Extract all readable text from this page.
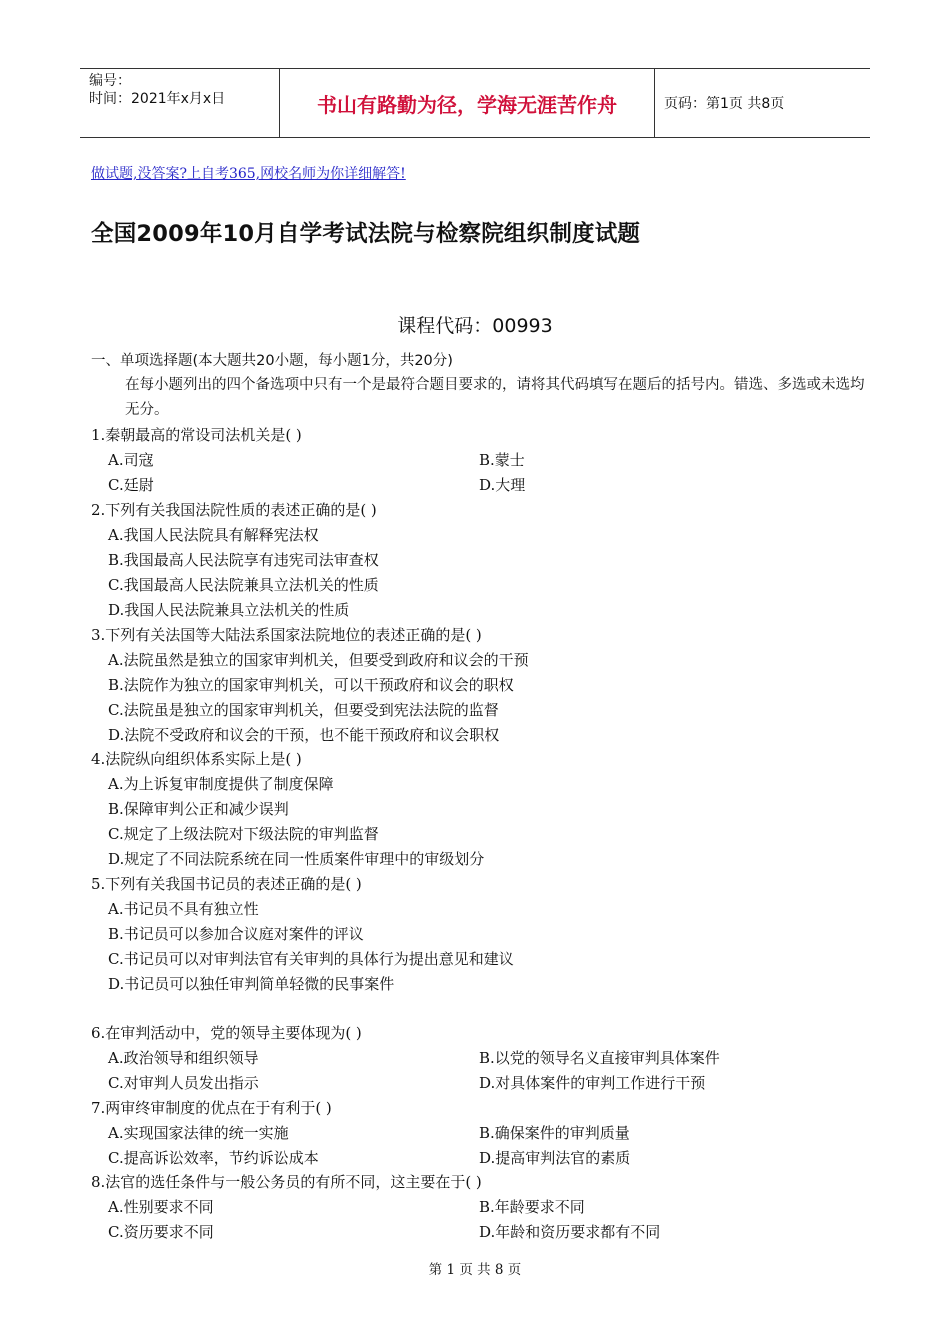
编号：
时间：2021年x月x日	书山有路勤为径，学海无涯苦作舟	页码：第1页 共8页
做试题,没答案?上自考365,网校名师为你详细解答!
全国2009年10月自学考试法院与检察院组织制度试题
课程代码：00993
一、单项选择题(本大题共20小题，每小题1分，共20分)
在每小题列出的四个备选项中只有一个是最符合题目要求的，请将其代码填写在题后的括号内。错选、多选或未选均无分。
1.秦朝最高的常设司法机关是( )
A.司寇	B.蒙士
C.廷尉	D.大理
2.下列有关我国法院性质的表述正确的是( )
A.我国人民法院具有解释宪法权
B.我国最高人民法院享有违宪司法审查权
C.我国最高人民法院兼具立法机关的性质
D.我国人民法院兼具立法机关的性质
3.下列有关法国等大陆法系国家法院地位的表述正确的是( )
A.法院虽然是独立的国家审判机关，但要受到政府和议会的干预
B.法院作为独立的国家审判机关，可以干预政府和议会的职权
C.法院虽是独立的国家审判机关，但要受到宪法法院的监督
D.法院不受政府和议会的干预，也不能干预政府和议会职权
4.法院纵向组织体系实际上是( )
A.为上诉复审制度提供了制度保障
B.保障审判公正和减少误判
C.规定了上级法院对下级法院的审判监督
D.规定了不同法院系统在同一性质案件审理中的审级划分
5.下列有关我国书记员的表述正确的是( )
A.书记员不具有独立性
B.书记员可以参加合议庭对案件的评议
C.书记员可以对审判法官有关审判的具体行为提出意见和建议
D.书记员可以独任审判简单轻微的民事案件
6.在审判活动中，党的领导主要体现为( )
A.政治领导和组织领导	B.以党的领导名义直接审判具体案件
C.对审判人员发出指示	D.对具体案件的审判工作进行干预
7.两审终审制度的优点在于有利于( )
A.实现国家法律的统一实施	B.确保案件的审判质量
C.提高诉讼效率，节约诉讼成本	D.提高审判法官的素质
8.法官的选任条件与一般公务员的有所不同，这主要在于( )
A.性别要求不同	B.年龄要求不同
C.资历要求不同	D.年龄和资历要求都有不同
第 1 页 共 8 页
